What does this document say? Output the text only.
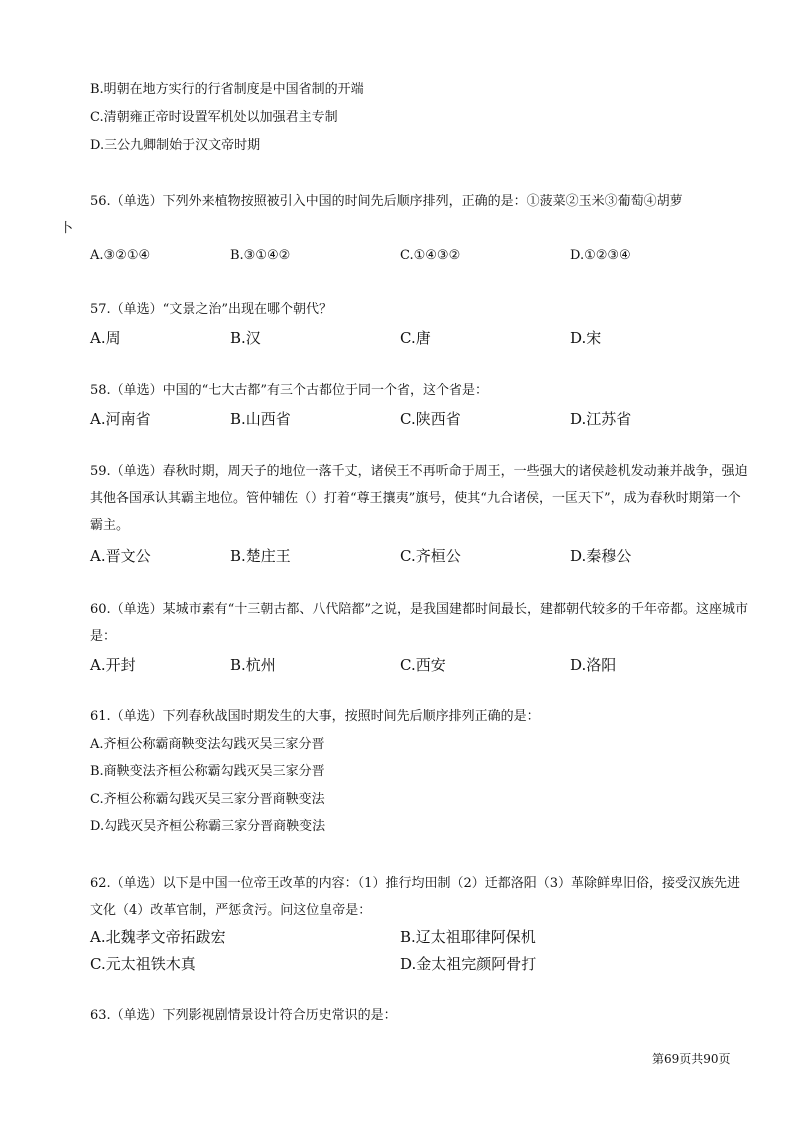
B.明朝在地方实行的行省制度是中国省制的开端
C.清朝雍正帝时设置军机处以加强君主专制
D.三公九卿制始于汉文帝时期
56.（单选）下列外来植物按照被引入中国的时间先后顺序排列，正确的是：①菠菜②玉米③葡萄④胡萝
卜
A.③②①④	B.③①④②	C.①④③②	D.①②③④
57.（单选）“文景之治”出现在哪个朝代？
A.周	B.汉	C.唐	D.宋
58.（单选）中国的“七大古都”有三个古都位于同一个省，这个省是：
A.河南省	B.山西省	C.陕西省	D.江苏省
59.（单选）春秋时期，周天子的地位一落千丈，诸侯王不再听命于周王，一些强大的诸侯趁机发动兼并战争，强迫其他各国承认其霸主地位。管仲辅佐（）打着“尊王攘夷”旗号，使其“九合诸侯，一匡天下”，成为春秋时期第一个霸主。
A.晋文公	B.楚庄王	C.齐桓公	D.秦穆公
60.（单选）某城市素有“十三朝古都、八代陪都”之说，是我国建都时间最长，建都朝代较多的千年帝都。这座城市是：
A.开封	B.杭州	C.西安	D.洛阳
61.（单选）下列春秋战国时期发生的大事，按照时间先后顺序排列正确的是：
A.齐桓公称霸商鞅变法勾践灭吴三家分晋
B.商鞅变法齐桓公称霸勾践灭吴三家分晋
C.齐桓公称霸勾践灭吴三家分晋商鞅变法
D.勾践灭吴齐桓公称霸三家分晋商鞅变法
62.（单选）以下是中国一位帝王改革的内容：（1）推行均田制（2）迁都洛阳（3）革除鲜卑旧俗，接受汉族先进文化（4）改革官制，严惩贪污。问这位皇帝是：
A.北魏孝文帝拓跋宏	B.辽太祖耶律阿保机
C.元太祖铁木真	D.金太祖完颜阿骨打
63.（单选）下列影视剧情景设计符合历史常识的是：
第69页共90页
